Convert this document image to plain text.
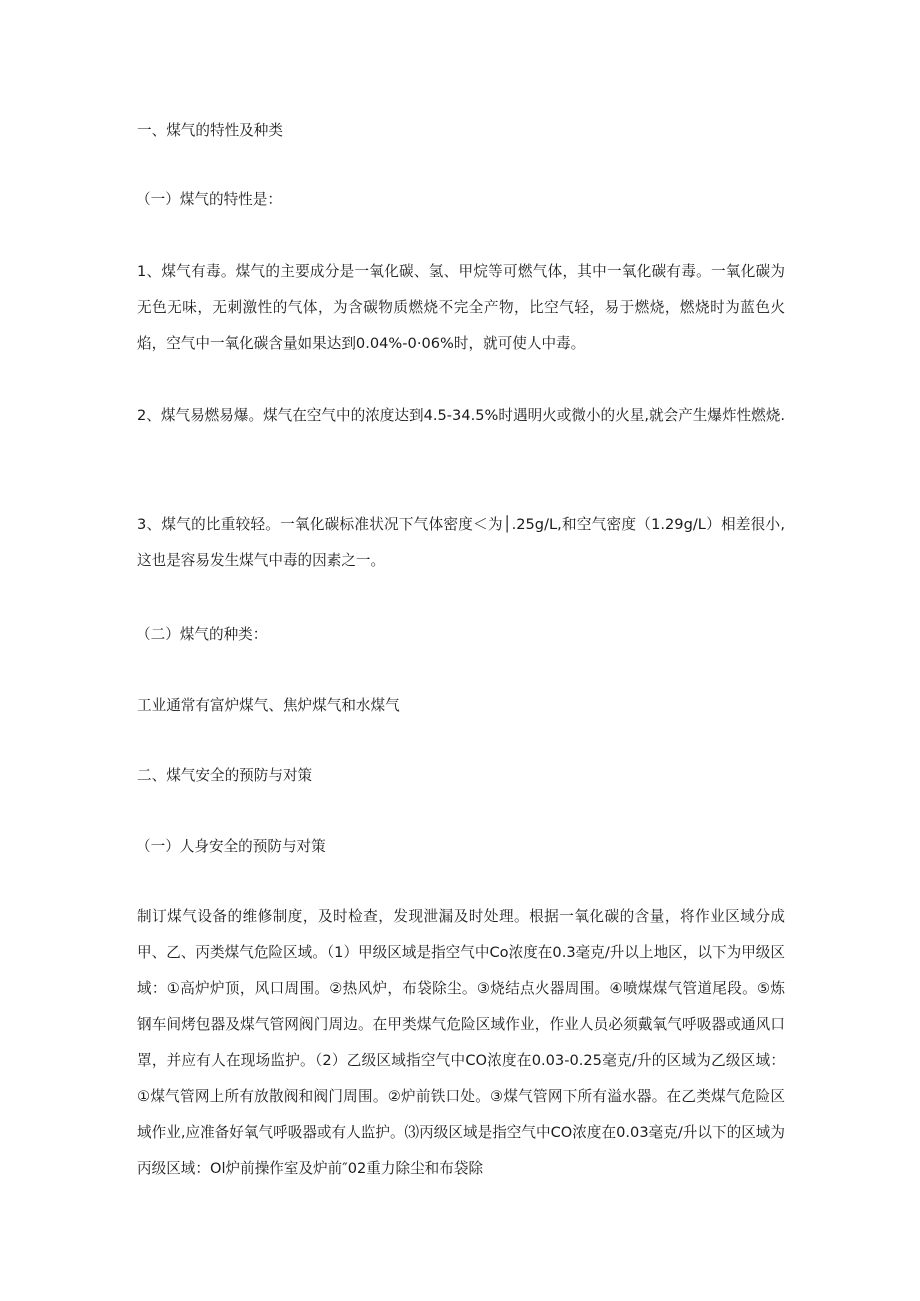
一、煤气的特性及种类

（一）煤气的特性是：

1、煤气有毒。煤气的主要成分是一氧化碳、氢、甲烷等可燃气体，其中一氧化碳有毒。一氧化碳为无色无味，无刺激性的气体，为含碳物质燃烧不完全产物，比空气轻，易于燃烧，燃烧时为蓝色火焰，空气中一氧化碳含量如果达到0.04%-0·06%时，就可使人中毒。

2、煤气易燃易爆。煤气在空气中的浓度达到4.5-34.5%时遇明火或微小的火星,就会产生爆炸性燃烧.

3、煤气的比重较轻。一氧化碳标准状况下气体密度＜为│.25g∕L,和空气密度（1.29g∕L）相差很小,这也是容易发生煤气中毒的因素之一。

（二）煤气的种类：

工业通常有富炉煤气、焦炉煤气和水煤气

二、煤气安全的预防与对策

（一）人身安全的预防与对策

制订煤气设备的维修制度，及时检查，发现泄漏及时处理。根据一氧化碳的含量，将作业区域分成甲、乙、丙类煤气危险区域。（1）甲级区域是指空气中Co浓度在0.3毫克/升以上地区，以下为甲级区域：①高炉炉顶，风口周围。②热风炉，布袋除尘。③烧结点火器周围。④喷煤煤气管道尾段。⑤炼钢车间烤包器及煤气管网阀门周边。在甲类煤气危险区域作业，作业人员必须戴氧气呼吸器或通风口罩，并应有人在现场监护。（2）乙级区域指空气中CO浓度在0.03-0.25毫克/升的区域为乙级区域：①煤气管网上所有放散阀和阀门周围。②炉前铁口处。③煤气管网下所有溢水器。在乙类煤气危险区域作业,应准备好氧气呼吸器或有人监护。⑶丙级区域是指空气中CO浓度在0.03毫克/升以下的区域为丙级区域：Ol炉前操作室及炉前″02重力除尘和布袋除
